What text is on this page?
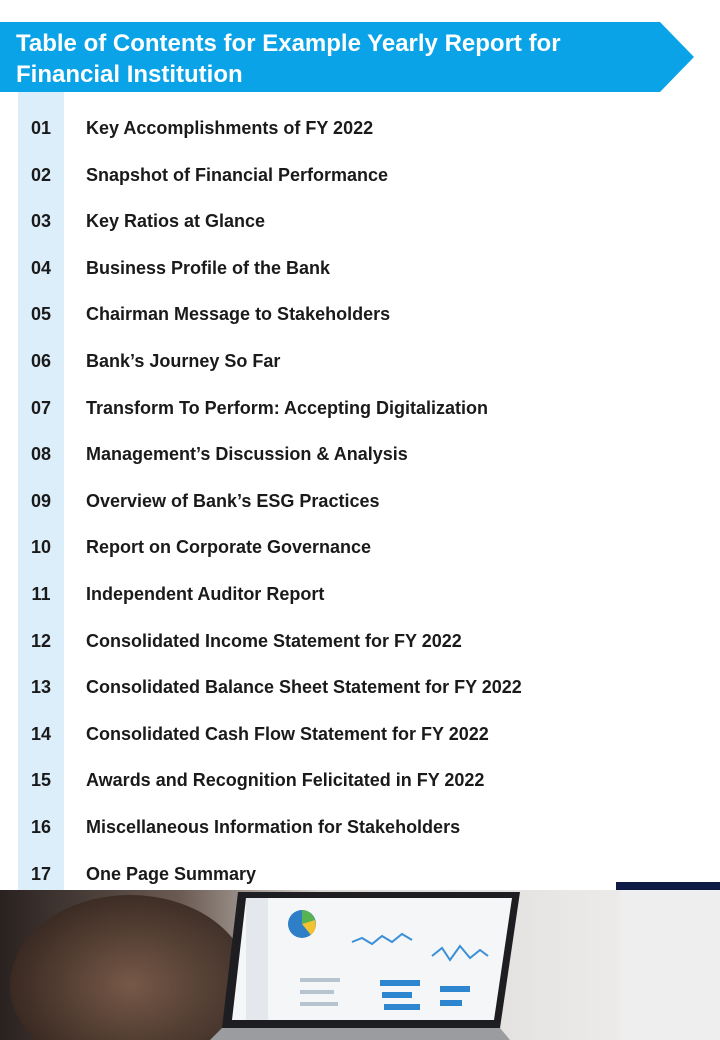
Table of Contents for Example Yearly Report for Financial Institution
01	Key Accomplishments of FY 2022
02	Snapshot of Financial Performance
03	Key Ratios at Glance
04	Business Profile of the Bank
05	Chairman Message to Stakeholders
06	Bank’s Journey So Far
07	Transform To Perform: Accepting Digitalization
08	Management’s Discussion & Analysis
09	Overview of Bank’s ESG Practices
10	Report on Corporate Governance
11	Independent Auditor Report
12	Consolidated Income Statement for FY 2022
13	Consolidated Balance Sheet Statement for FY 2022
14	Consolidated Cash Flow Statement for FY 2022
15	Awards and Recognition Felicitated in FY 2022
16	Miscellaneous Information for Stakeholders
17	One Page Summary
